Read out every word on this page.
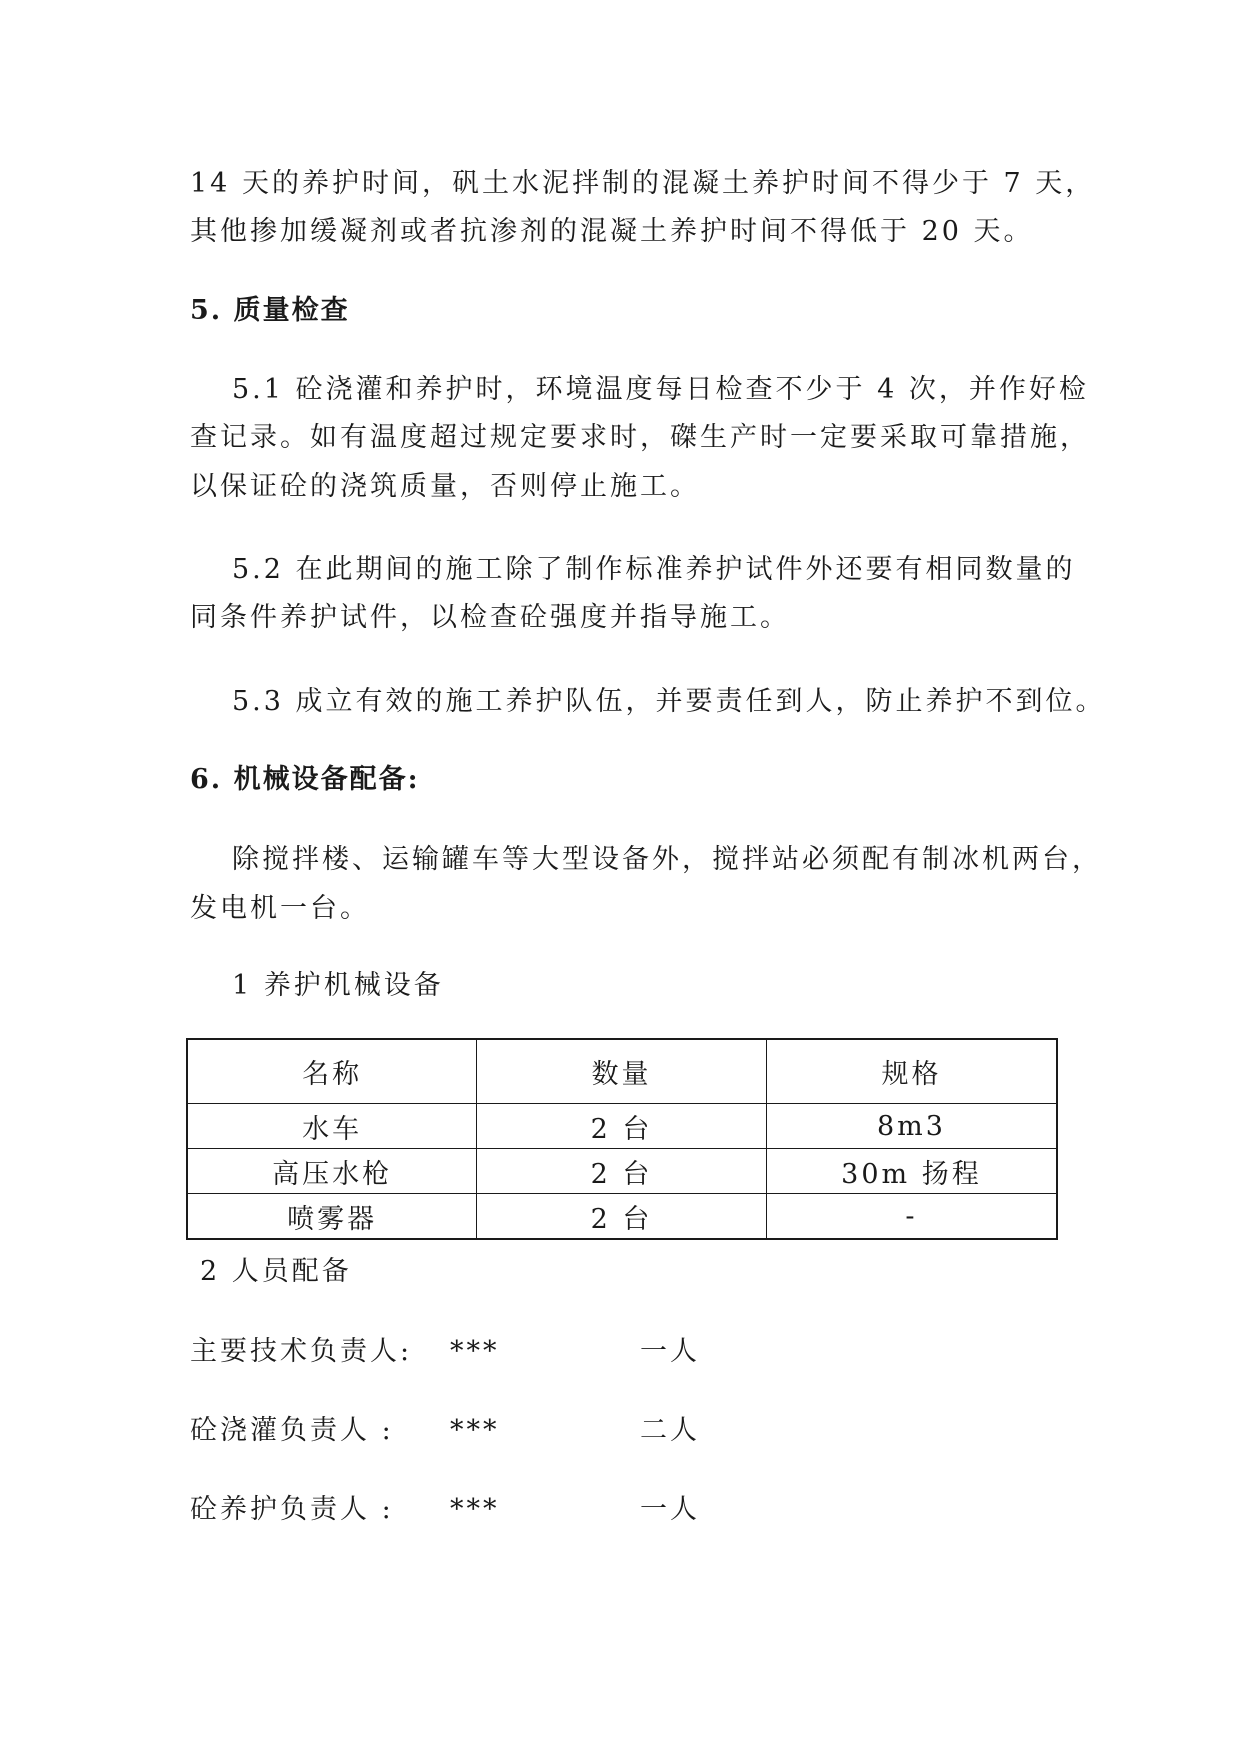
14 天的养护时间，矾土水泥拌制的混凝土养护时间不得少于 7 天，
其他掺加缓凝剂或者抗渗剂的混凝土养护时间不得低于 20 天。
5. 质量检查
5.1 砼浇灌和养护时，环境温度每日检查不少于 4 次，并作好检
查记录。如有温度超过规定要求时，磔生产时一定要采取可靠措施，
以保证砼的浇筑质量，否则停止施工。
5.2 在此期间的施工除了制作标准养护试件外还要有相同数量的
同条件养护试件，以检查砼强度并指导施工。
5.3 成立有效的施工养护队伍，并要责任到人，防止养护不到位。
6. 机械设备配备:
除搅拌楼、运输罐车等大型设备外，搅拌站必须配有制冰机两台，
发电机一台。
1 养护机械设备
名称	数量	规格
水车	2 台	8m3
高压水枪	2 台	30m 扬程
喷雾器	2 台	-
2 人员配备
主要技术负责人: ***	一人
砼浇灌负责人 : ***	二人
砼养护负责人 : ***	一人
